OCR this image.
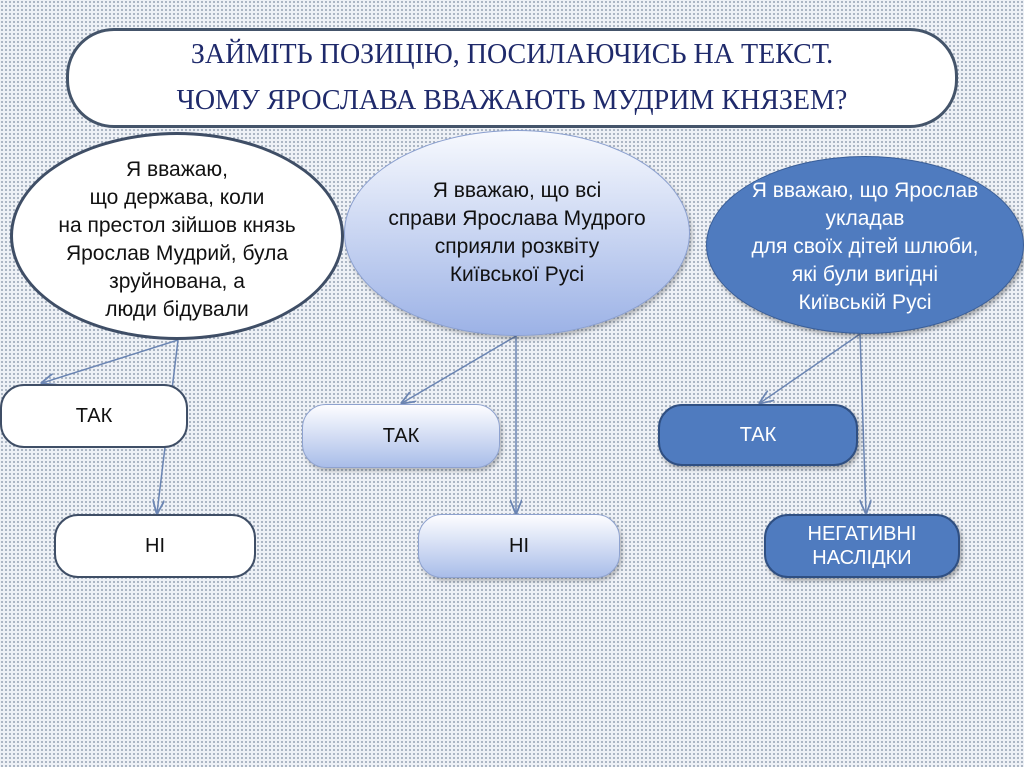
ЗАЙМІТЬ ПОЗИЦІЮ, ПОСИЛАЮЧИСЬ НА ТЕКСТ.
ЧОМУ ЯРОСЛАВА ВВАЖАЮТЬ МУДРИМ КНЯЗЕМ?
Я вважаю,
що держава, коли
на престол зійшов князь
Ярослав Мудрий, була
зруйнована, а
люди бідували
Я вважаю, що всі
справи Ярослава Мудрого
сприяли розквіту
Київської Русі
Я вважаю, що Ярослав
укладав
для своїх дітей шлюби,
які були вигідні
Київській Русі
ТАК
НІ
ТАК
НІ
ТАК
НЕГАТИВНІ
НАСЛІДКИ
